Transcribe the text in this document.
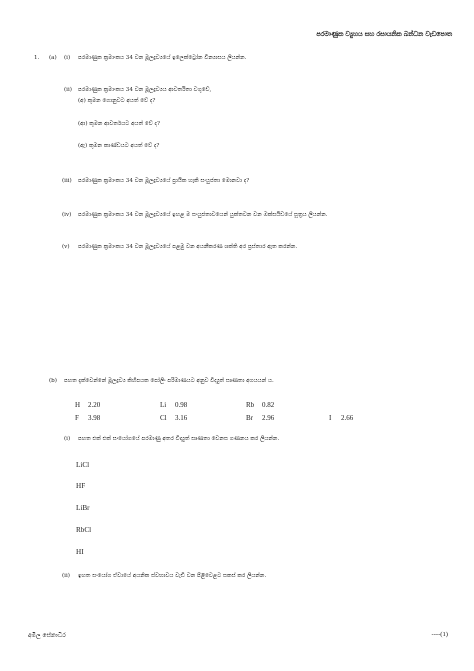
පරමාණුක ව්‍යුහය සහ රසායනික බන්ධන වැඩපොත
1. (a) (i) පරමාණුක ක්‍රමාංකය 34 වන මූලද්‍රව්‍යයේ ඉලෙක්ට්‍රෝන වින්‍යාසය ලියන්න.
(ii) පරමාණුක ක්‍රමාංකය 34 වන මූලද්‍රව්‍යය ආවර්තිතා වගුවේ,
(අ) කුමන ගොනුවට අයත් වේ ද?
(ආ) කුමන ආවර්තයට අයත් වේ ද?
(ඇ) කුමන කාණ්ඩයට අයත් වේ ද?
(iii) පරමාණුක ක්‍රමාංකය 34 වන මූලද්‍රව්‍යයේ ප්‍රායික හැකි සංයුජතා මොනවා ද?
(iv) පරමාණුක ක්‍රමාංකය 34 වන මූලද්‍රව්‍යයේ ඉහළ ම සංයුජතාවයෙන් යුක්තවන වන ඔක්සයිඩයේ සූත්‍රය ලියන්න.
(v) පරමාණුක ක්‍රමාංකය 34 වන මූලද්‍රව්‍යයේ පළමු වන අයනීකරණ ශක්ති අර ප්‍රස්තාර ඇත කරන්න.
(b) පහත දැක්වෙන්නේ මූලද්‍රව්‍ය කිහිපයක පෝලිං පරිමාණයට අනුව විද්‍යුත් සෘණතා අගයයන් ය.
H 2.20	Li 0.98	Rb 0.82
F 3.98	Cl 3.16	Br 2.96	I 2.66
(i) පහත එක් එක් සංයෝගයේ පරමාණු අතර විද්‍යුත් සෘණතා වෙනස ගණනය කර ලියන්න.
LiCl
HF
LiBr
RbCl
HI
(ii) ඉහත සංයෝග ඒවායේ අයනික ස්වභාවය වැඩි වන පිළිවෙළට සකස් කර ලියන්න.
අමිල සේනාධීර	----(1)
